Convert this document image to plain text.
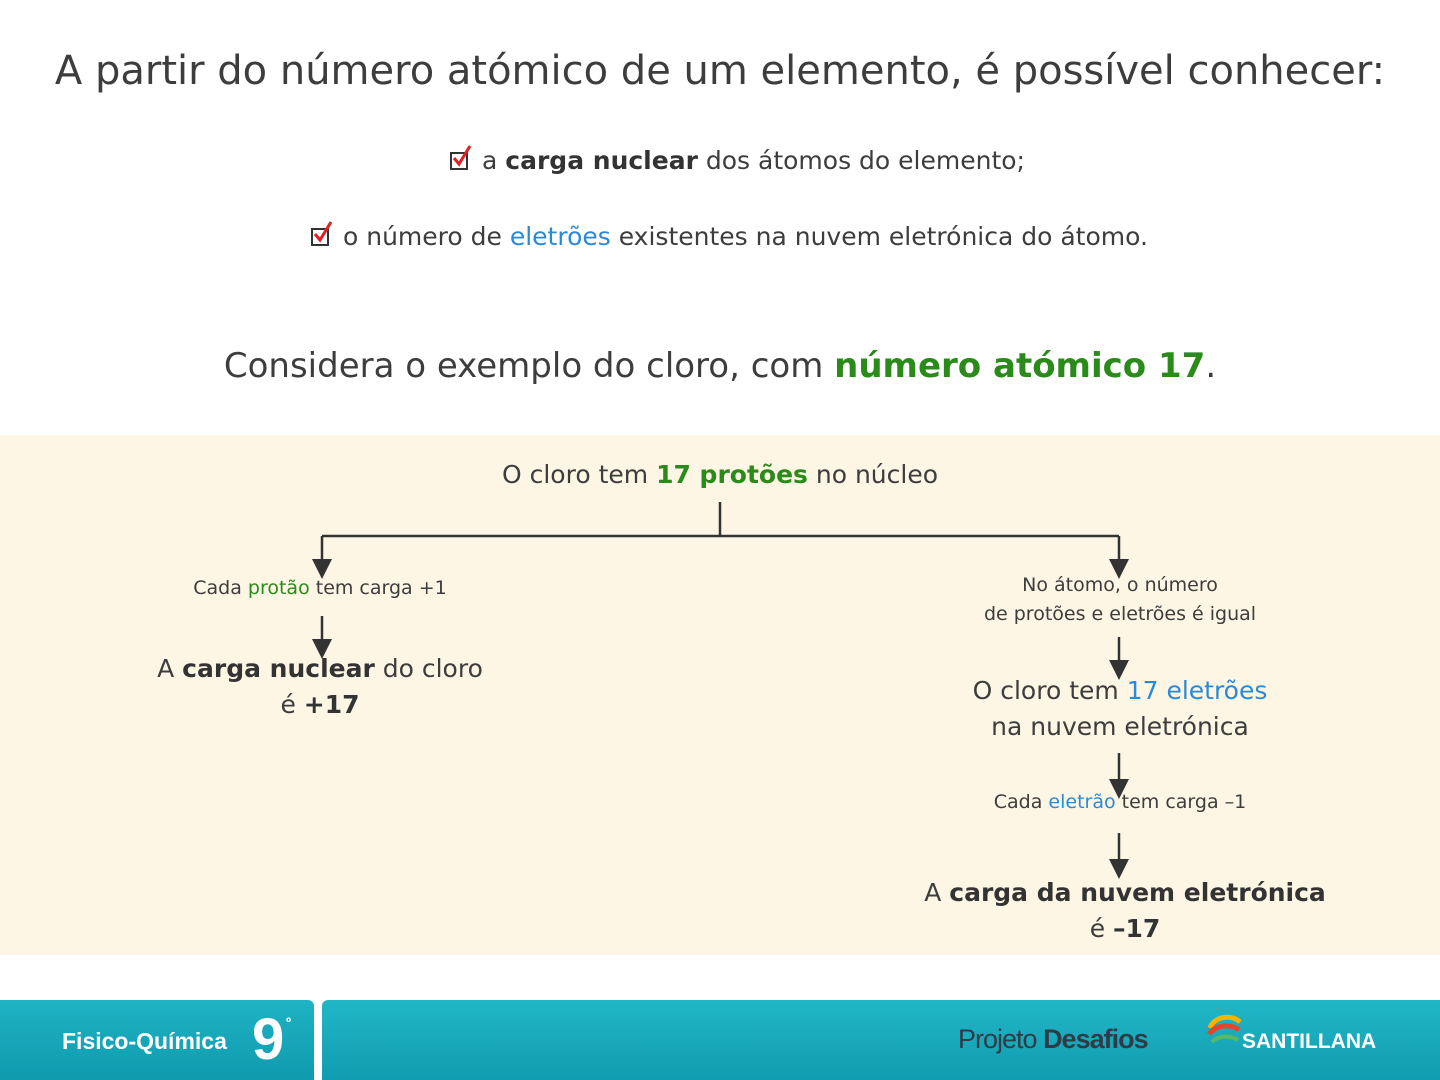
A partir do número atómico de um elemento, é possível conhecer:
a carga nuclear dos átomos do elemento;
o número de eletrões existentes na nuvem eletrónica do átomo.
Considera o exemplo do cloro, com número atómico 17.
O cloro tem 17 protões no núcleo
Cada protão tem carga +1
A carga nuclear do cloro
é +17
No átomo, o número
de protões e eletrões é igual
O cloro tem 17 eletrões
na nuvem eletrónica
Cada eletrão tem carga –1
A carga da nuvem eletrónica
é –17
Fisico-Química 9 º
Projeto Desafios	SANTILLANA
